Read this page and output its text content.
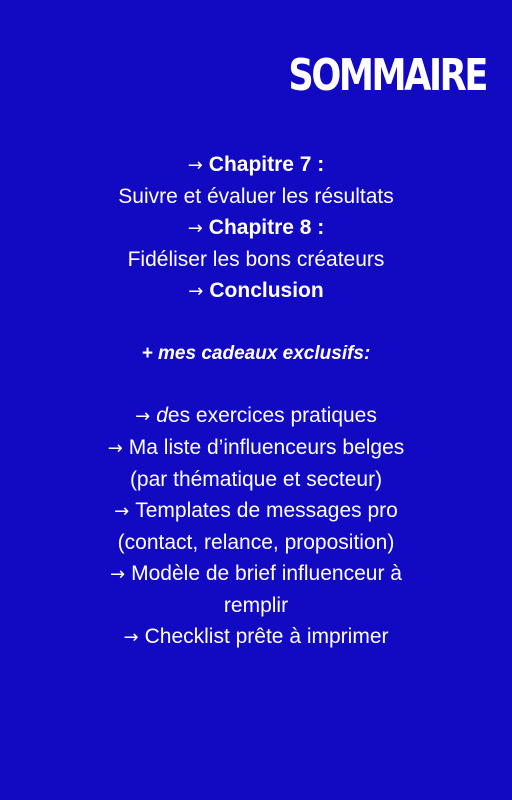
SOMMAIRE
→ Chapitre 7 :
Suivre et évaluer les résultats
→ Chapitre 8 :
Fidéliser les bons créateurs
→ Conclusion
+ mes cadeaux exclusifs:
→ des exercices pratiques
→ Ma liste d’influenceurs belges
(par thématique et secteur)
→ Templates de messages pro
(contact, relance, proposition)
→ Modèle de brief influenceur à
remplir
→ Checklist prête à imprimer
